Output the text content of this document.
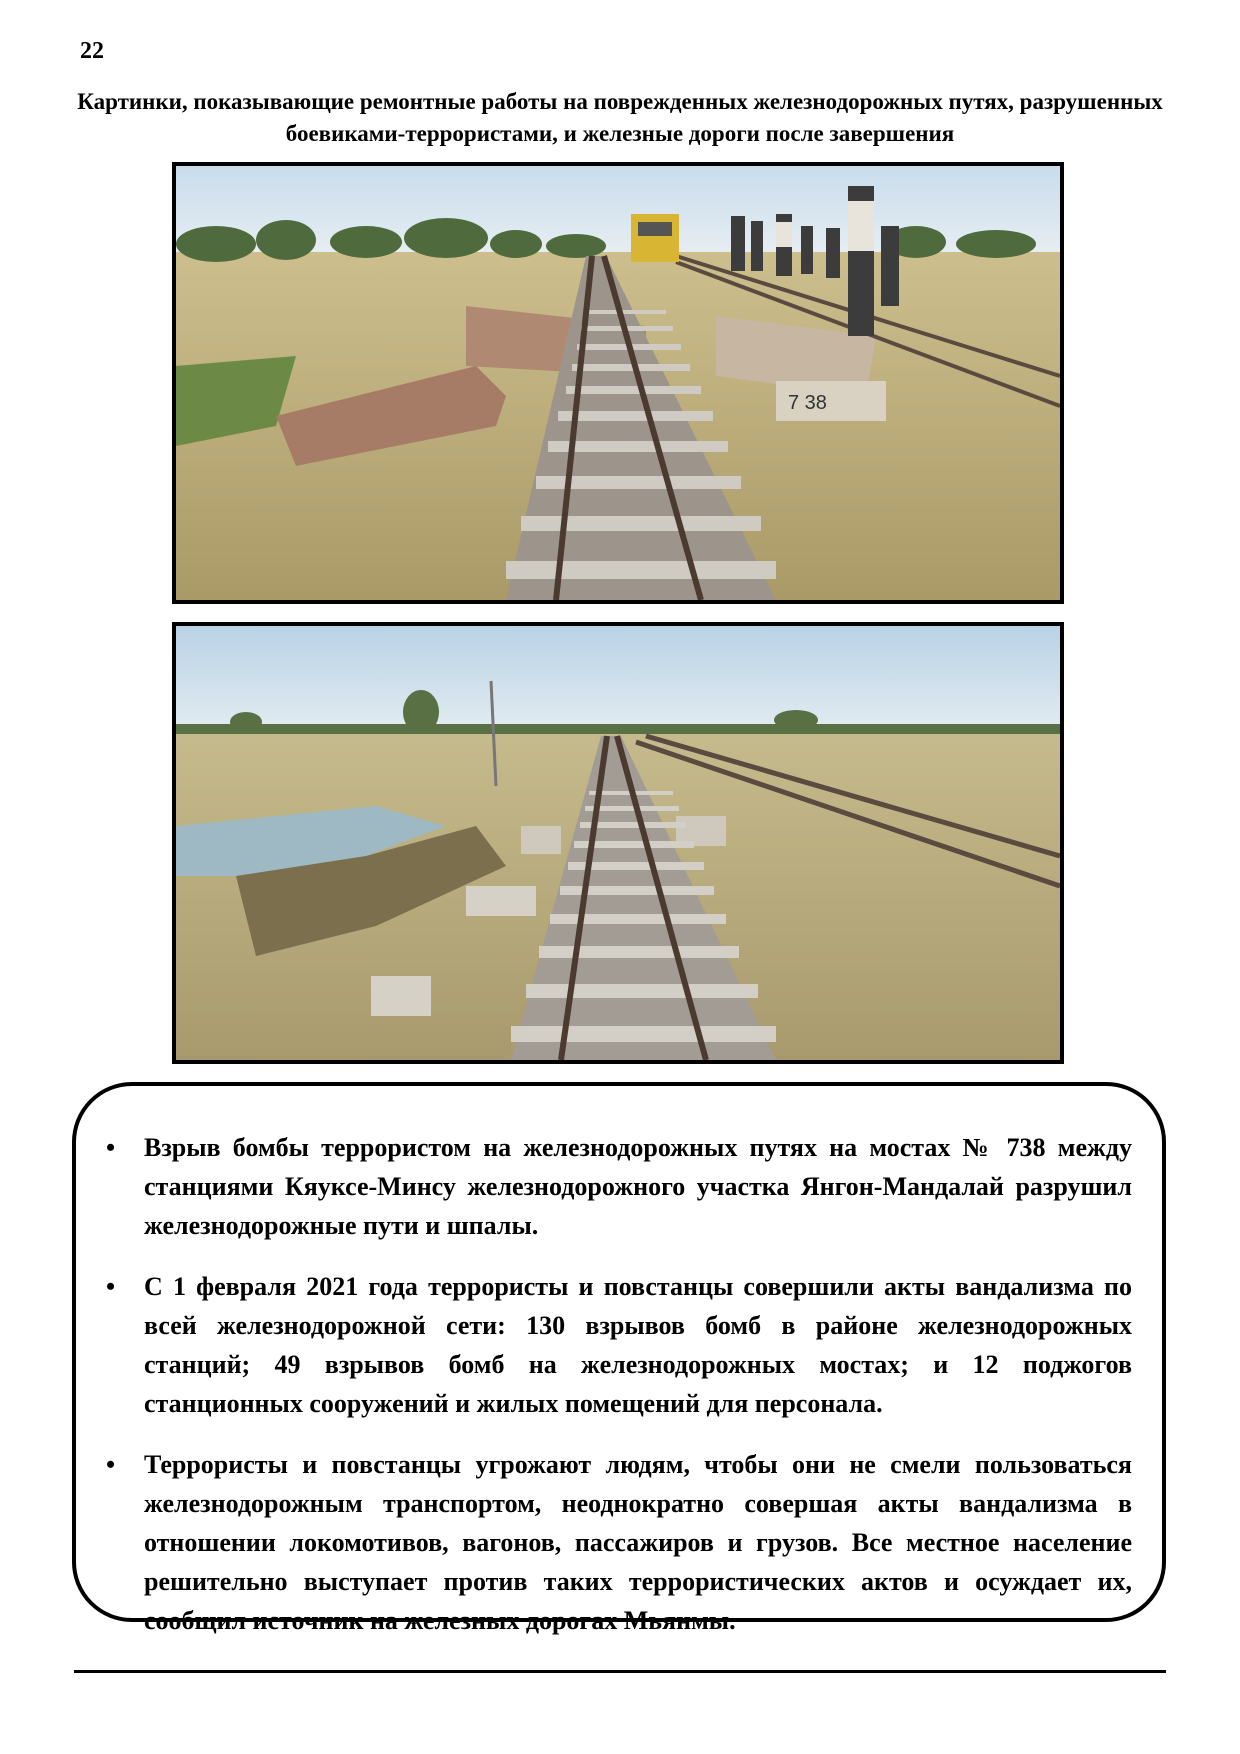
22
Картинки, показывающие ремонтные работы на поврежденных железнодорожных путях, разрушенных боевиками-террористами, и железные дороги после завершения
7 38
• Взрыв бомбы террористом на железнодорожных путях на мостах № 738 между станциями Кяуксе-Минсу железнодорожного участка Янгон-Мандалай разрушил железнодорожные пути и шпалы.
• С 1 февраля 2021 года террористы и повстанцы совершили акты вандализма по всей железнодорожной сети: 130 взрывов бомб в районе железнодорожных станций; 49 взрывов бомб на железнодорожных мостах; и 12 поджогов станционных сооружений и жилых помещений для персонала.
• Террористы и повстанцы угрожают людям, чтобы они не смели пользоваться железнодорожным транспортом, неоднократно совершая акты вандализма в отношении локомотивов, вагонов, пассажиров и грузов. Все местное население решительно выступает против таких террористических актов и осуждает их, сообщил источник на железных дорогах Мьянмы.
